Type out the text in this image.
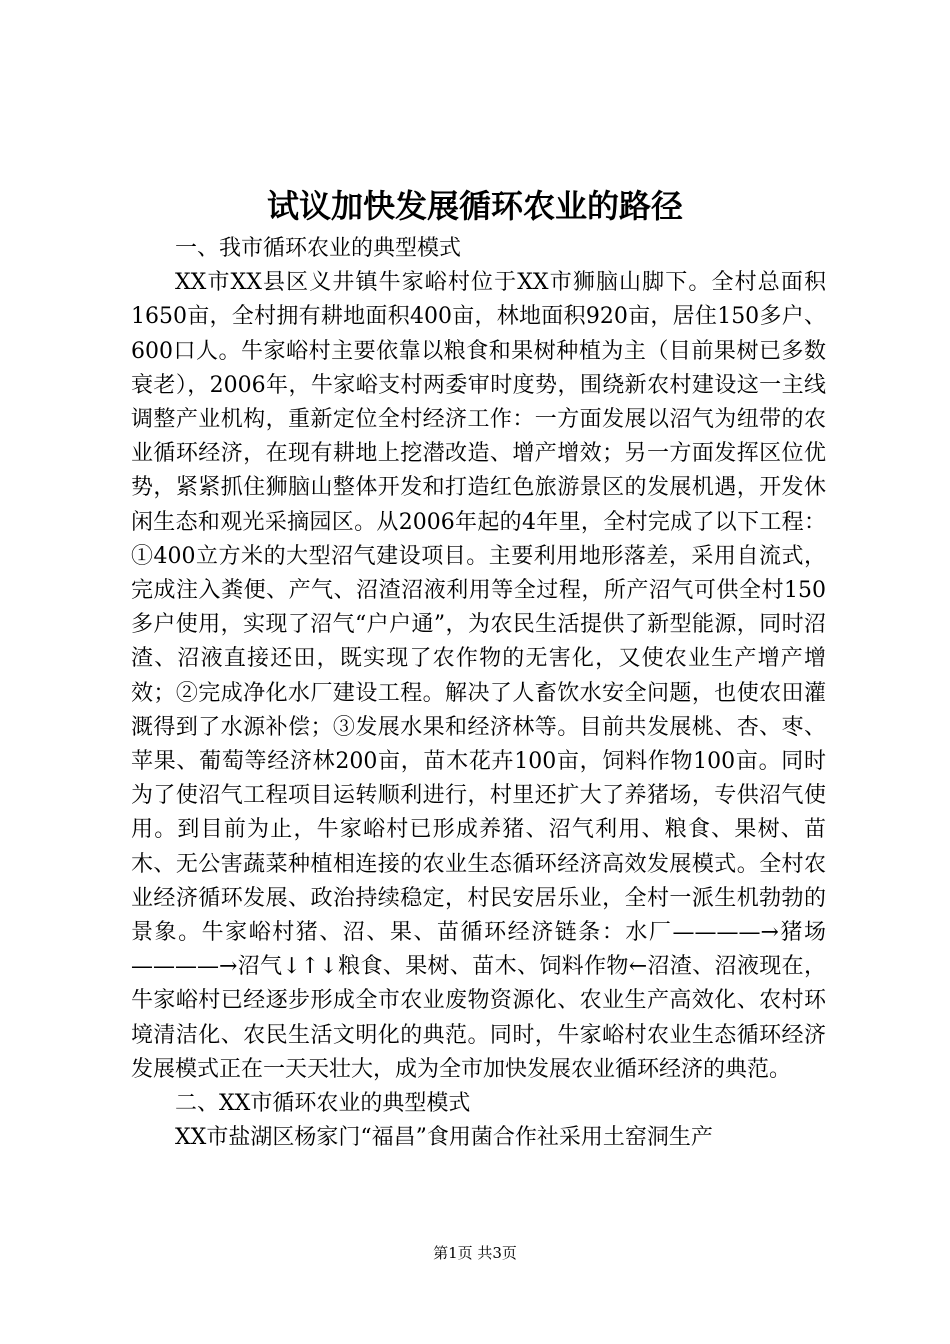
试议加快发展循环农业的路径

一、我市循环农业的典型模式

XX市XX县区义井镇牛家峪村位于XX市狮脑山脚下。全村总面积1650亩，全村拥有耕地面积400亩，林地面积920亩，居住150多户、600口人。牛家峪村主要依靠以粮食和果树种植为主（目前果树已多数衰老），2006年，牛家峪支村两委审时度势，围绕新农村建设这一主线调整产业机构，重新定位全村经济工作：一方面发展以沼气为纽带的农业循环经济，在现有耕地上挖潜改造、增产增效；另一方面发挥区位优势，紧紧抓住狮脑山整体开发和打造红色旅游景区的发展机遇，开发休闲生态和观光采摘园区。从2006年起的4年里，全村完成了以下工程：①400立方米的大型沼气建设项目。主要利用地形落差，采用自流式，完成注入粪便、产气、沼渣沼液利用等全过程，所产沼气可供全村150多户使用，实现了沼气“户户通”，为农民生活提供了新型能源，同时沼渣、沼液直接还田，既实现了农作物的无害化，又使农业生产增产增效；②完成净化水厂建设工程。解决了人畜饮水安全问题，也使农田灌溉得到了水源补偿；③发展水果和经济林等。目前共发展桃、杏、枣、苹果、葡萄等经济林200亩，苗木花卉100亩，饲料作物100亩。同时为了使沼气工程项目运转顺利进行，村里还扩大了养猪场，专供沼气使用。到目前为止，牛家峪村已形成养猪、沼气利用、粮食、果树、苗木、无公害蔬菜种植相连接的农业生态循环经济高效发展模式。全村农业经济循环发展、政治持续稳定，村民安居乐业，全村一派生机勃勃的景象。牛家峪村猪、沼、果、苗循环经济链条：水厂————→猪场————→沼气↓↑↓粮食、果树、苗木、饲料作物←沼渣、沼液现在，牛家峪村已经逐步形成全市农业废物资源化、农业生产高效化、农村环境清洁化、农民生活文明化的典范。同时，牛家峪村农业生态循环经济发展模式正在一天天壮大，成为全市加快发展农业循环经济的典范。

二、XX市循环农业的典型模式

XX市盐湖区杨家门“福昌”食用菌合作社采用土窑洞生产

第1页 共3页
